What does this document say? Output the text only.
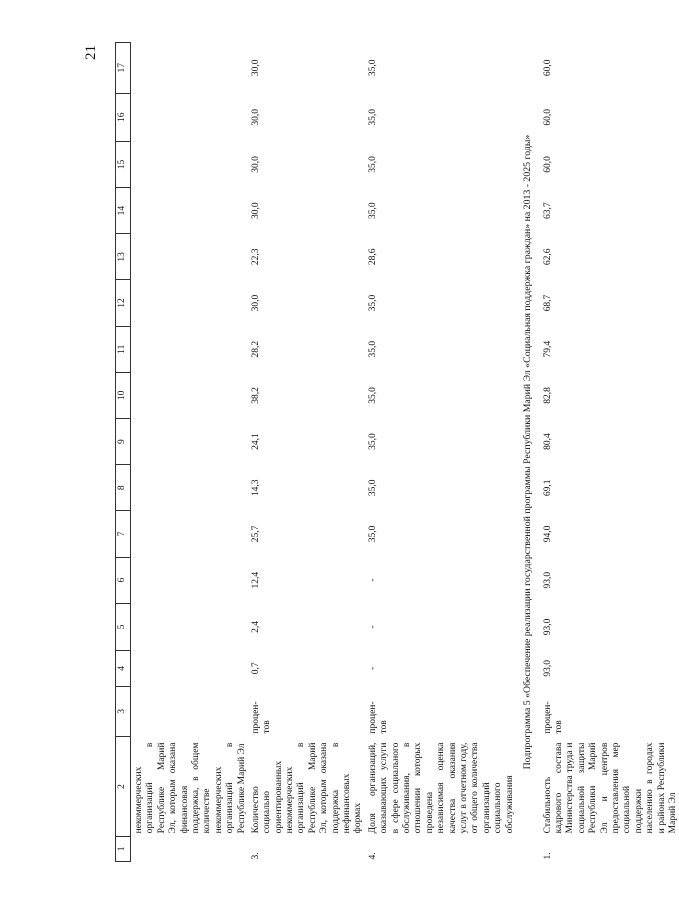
21
1	2	3	4	5	6	7	8	9	10	11	12	13	14	15	16	17
	некоммерческих организаций в Республике Марий Эл, которым оказана финансовая поддержка, в общем количестве некоммерческих организаций в Республике Марий Эл															
3.	Количество социально ориентированных некоммерческих организаций в Республике Марий Эл, которым оказана поддержка в нефинансовых формах	процен-тов	0,7	2,4	12,4	25,7	14,3	24,1	38,2	28,2	30,0	22,3	30,0	30,0	30,0	30,0
4.	Доля организаций, оказывающих услуги в сфере социального обслуживания, в отношении которых проведена независимая оценка качества оказания услуг в отчетном году, от общего количества организаций социального обслуживания	процен-тов	-	-	-	35,0	35,0	35,0	35,0	35,0	35,0	28,6	35,0	35,0	35,0	35,0
Подпрограмма 5 «Обеспечение реализации государственной программы Республики Марий Эл «Социальная поддержка граждан» на 2013 - 2025 годы»																
1.	Стабильность кадрового состава Министерства труда и социальной защиты Республики Марий Эл и центров предоставления мер социальной поддержки населению в городах и районах Республики Марий Эл	процен-тов	93,0	93,0	93,0	94,0	69,1	80,4	82,8	79,4	68,7	62,6	63,7	60,0	60,0	60,0
